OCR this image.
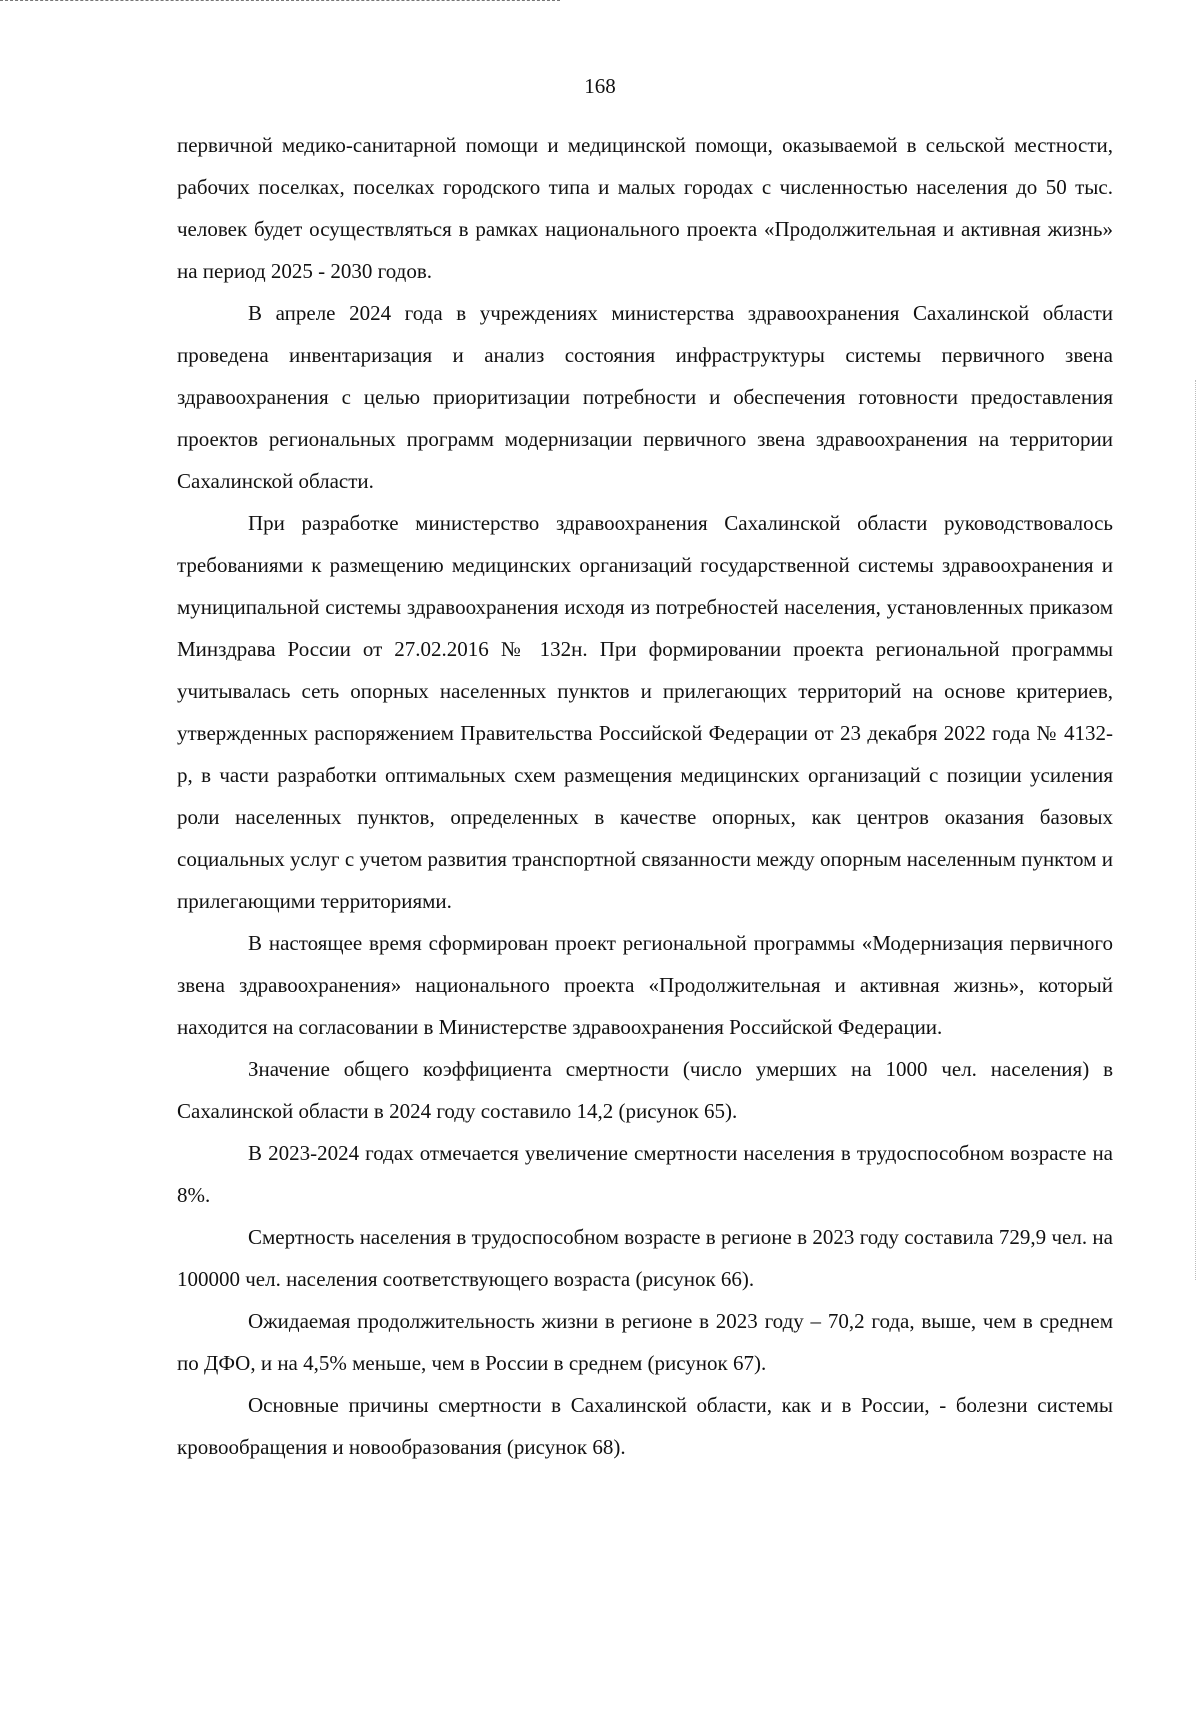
168

первичной медико-санитарной помощи и медицинской помощи, оказываемой в сельской местности, рабочих поселках, поселках городского типа и малых городах с численностью населения до 50 тыс. человек будет осуществляться в рамках национального проекта «Продолжительная и активная жизнь» на период 2025 - 2030 годов.

В апреле 2024 года в учреждениях министерства здравоохранения Сахалинской области проведена инвентаризация и анализ состояния инфраструктуры системы первичного звена здравоохранения с целью приоритизации потребности и обеспечения готовности предоставления проектов региональных программ модернизации первичного звена здравоохранения на территории Сахалинской области.

При разработке министерство здравоохранения Сахалинской области руководствовалось требованиями к размещению медицинских организаций государственной системы здравоохранения и муниципальной системы здравоохранения исходя из потребностей населения, установленных приказом Минздрава России от 27.02.2016 № 132н. При формировании проекта региональной программы учитывалась сеть опорных населенных пунктов и прилегающих территорий на основе критериев, утвержденных распоряжением Правительства Российской Федерации от 23 декабря 2022 года № 4132-р, в части разработки оптимальных схем размещения медицинских организаций с позиции усиления роли населенных пунктов, определенных в качестве опорных, как центров оказания базовых социальных услуг с учетом развития транспортной связанности между опорным населенным пунктом и прилегающими территориями.

В настоящее время сформирован проект региональной программы «Модернизация первичного звена здравоохранения» национального проекта «Продолжительная и активная жизнь», который находится на согласовании в Министерстве здравоохранения Российской Федерации.

Значение общего коэффициента смертности (число умерших на 1000 чел. населения) в Сахалинской области в 2024 году составило 14,2 (рисунок 65).

В 2023-2024 годах отмечается увеличение смертности населения в трудоспособном возрасте на 8%.

Смертность населения в трудоспособном возрасте в регионе в 2023 году составила 729,9 чел. на 100000 чел. населения соответствующего возраста (рисунок 66).

Ожидаемая продолжительность жизни в регионе в 2023 году – 70,2 года, выше, чем в среднем по ДФО, и на 4,5% меньше, чем в России в среднем (рисунок 67).

Основные причины смертности в Сахалинской области, как и в России, - болезни системы кровообращения и новообразования (рисунок 68).
